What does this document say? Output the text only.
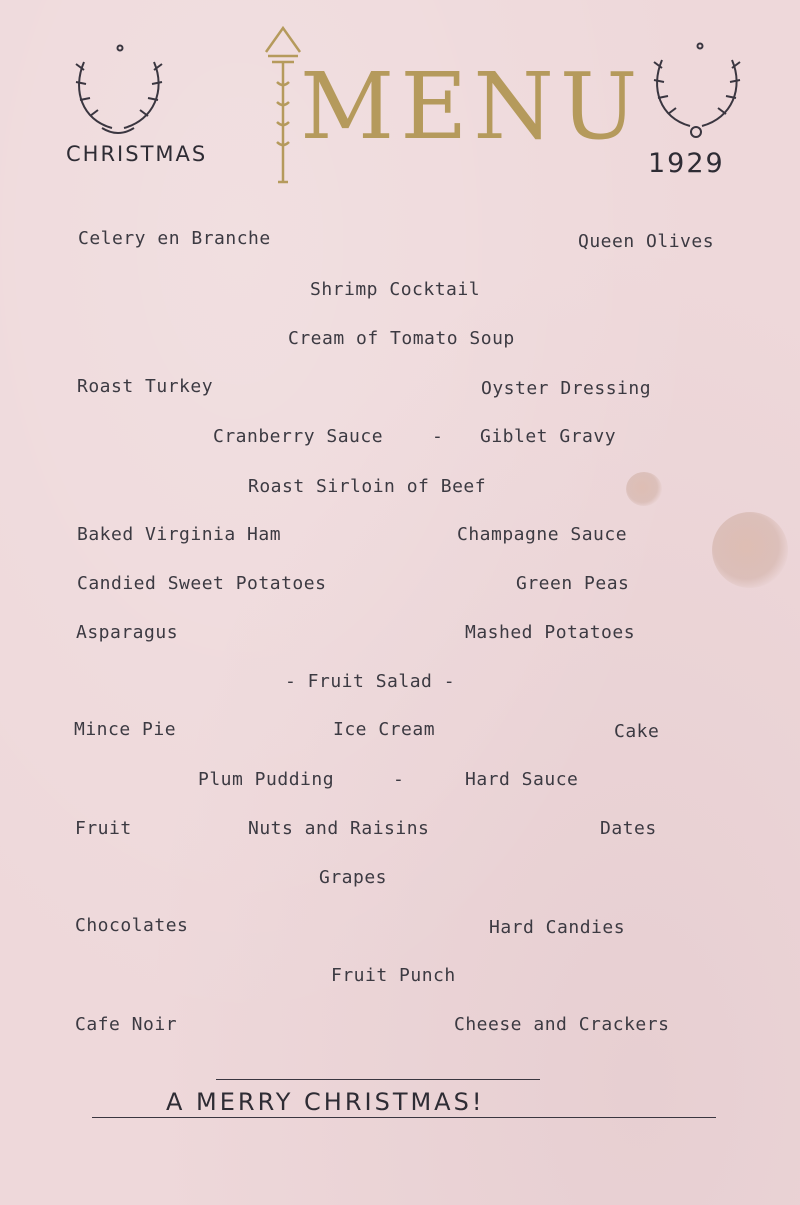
CHRISTMAS MENU
1929
Celery en Branche	Queen Olives
Shrimp Cocktail
Cream of Tomato Soup
Roast Turkey	Oyster Dressing
Cranberry Sauce	- Giblet Gravy
Roast Sirloin of Beef
Baked Virginia Ham	Champagne Sauce
Candied Sweet Potatoes	Green Peas
Asparagus	Mashed Potatoes
- Fruit Salad -
Mince Pie	Ice Cream	Cake
Plum Pudding	-	Hard Sauce
Fruit	Nuts and Raisins	Dates
Grapes
Chocolates	Hard Candies
Fruit Punch
Cafe Noir	Cheese and Crackers
A MERRY CHRISTMAS!
